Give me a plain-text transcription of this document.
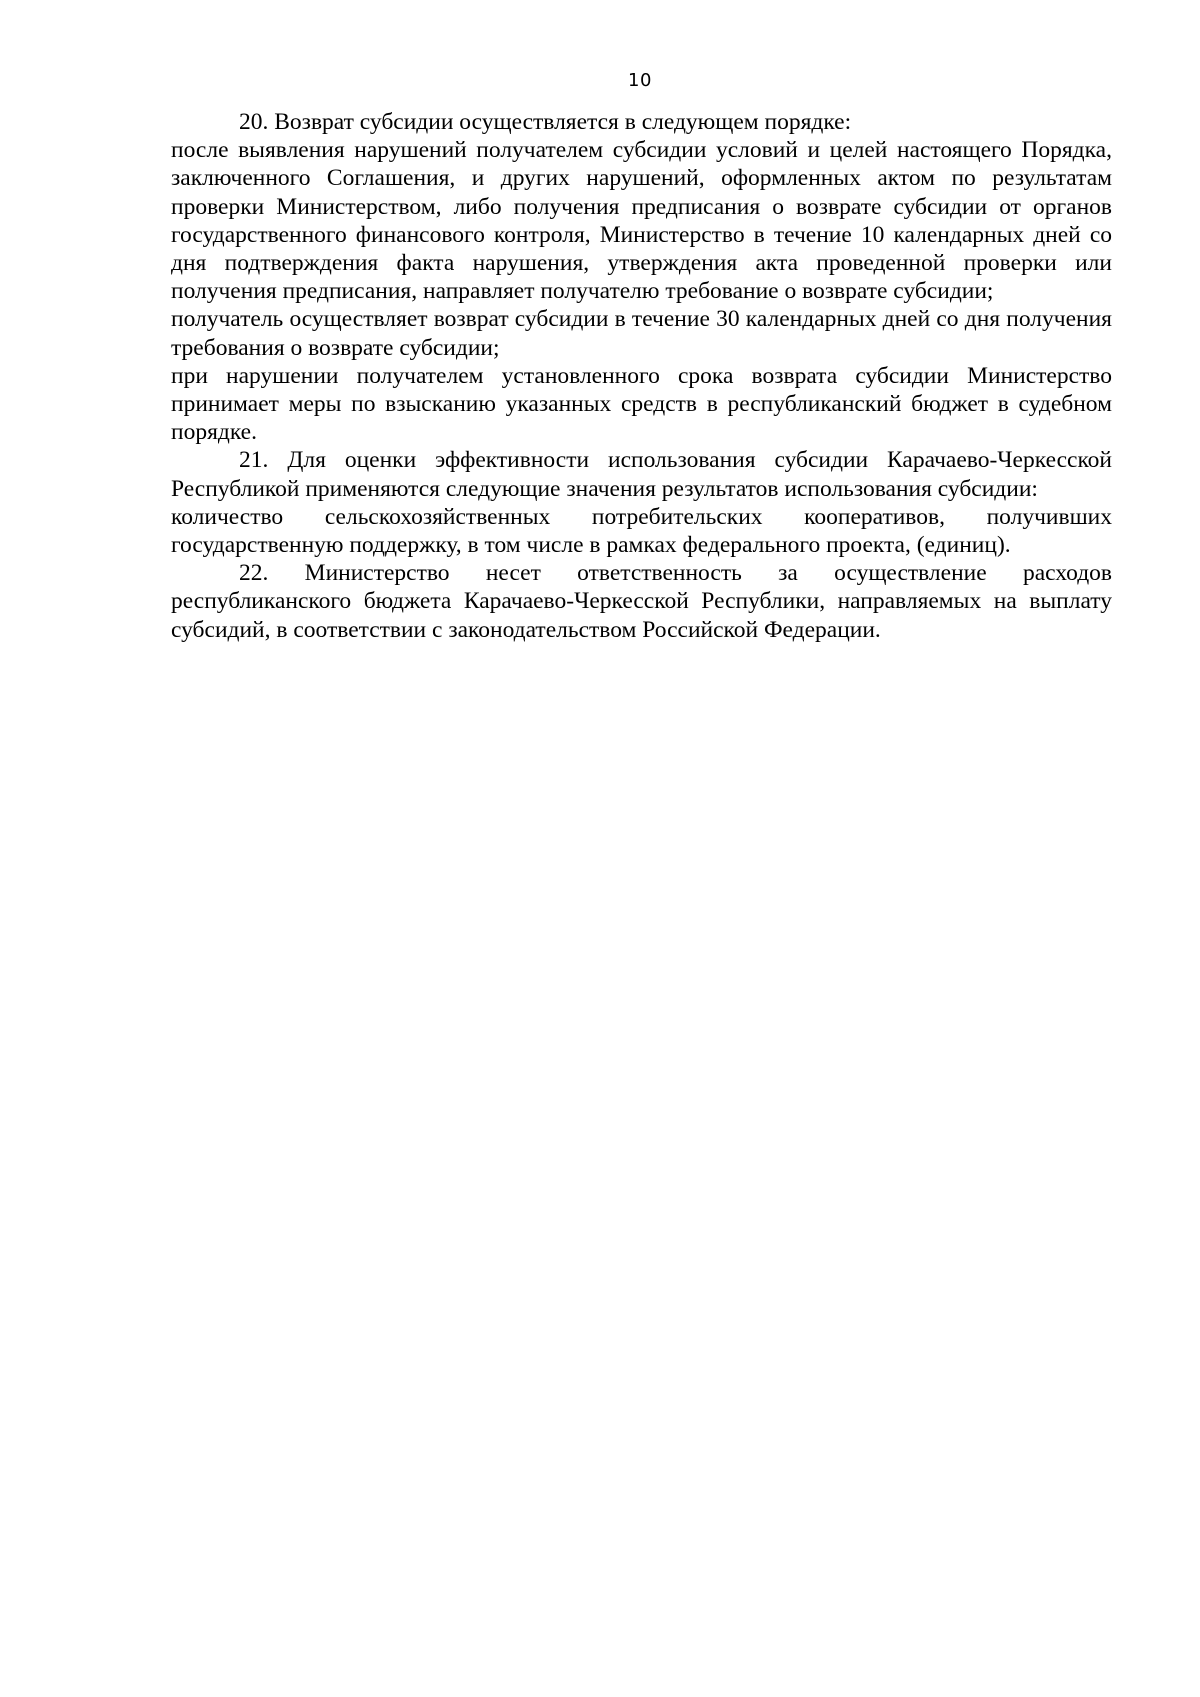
10

20. Возврат субсидии осуществляется в следующем порядке:

после выявления нарушений получателем субсидии условий и целей настоящего Порядка, заключенного Соглашения, и других нарушений, оформленных актом по результатам проверки Министерством, либо получения предписания о возврате субсидии от органов государственного финансового контроля, Министерство в течение 10 календарных дней со дня подтверждения факта нарушения, утверждения акта проведенной проверки или получения предписания, направляет получателю требование о возврате субсидии;

получатель осуществляет возврат субсидии в течение 30 календарных дней со дня получения требования о возврате субсидии;

при нарушении получателем установленного срока возврата субсидии Министерство принимает меры по взысканию указанных средств в республиканский бюджет в судебном порядке.

21. Для оценки эффективности использования субсидии Карачаево-Черкесской Республикой применяются следующие значения результатов использования субсидии:

количество сельскохозяйственных потребительских кооперативов, получивших государственную поддержку, в том числе в рамках федерального проекта, (единиц).

22. Министерство несет ответственность за осуществление расходов республиканского бюджета Карачаево-Черкесской Республики, направляемых на выплату субсидий, в соответствии с законодательством Российской Федерации.
